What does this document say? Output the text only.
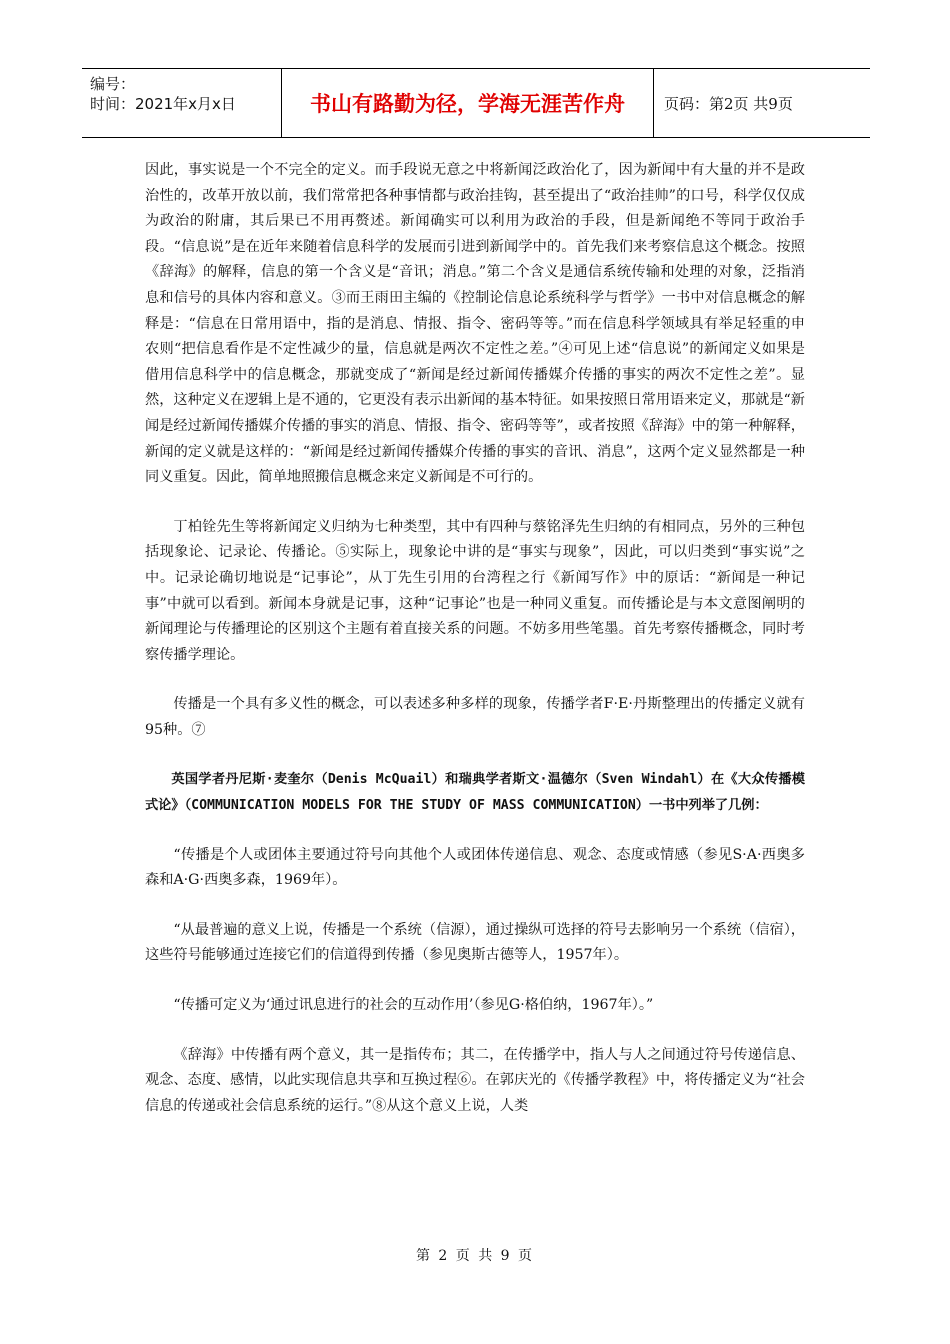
编号：
时间：2021年x月x日	书山有路勤为径，学海无涯苦作舟	页码：第2页 共9页

因此，事实说是一个不完全的定义。而手段说无意之中将新闻泛政治化了，因为新闻中有大量的并不是政治性的，改革开放以前，我们常常把各种事情都与政治挂钩，甚至提出了“政治挂帅”的口号，科学仅仅成为政治的附庸，其后果已不用再赘述。新闻确实可以利用为政治的手段，但是新闻绝不等同于政治手段。“信息说”是在近年来随着信息科学的发展而引进到新闻学中的。首先我们来考察信息这个概念。按照《辞海》的解释，信息的第一个含义是“音讯；消息。”第二个含义是通信系统传输和处理的对象，泛指消息和信号的具体内容和意义。③而王雨田主编的《控制论信息论系统科学与哲学》一书中对信息概念的解释是：“信息在日常用语中，指的是消息、情报、指令、密码等等。”而在信息科学领域具有举足轻重的申农则“把信息看作是不定性减少的量，信息就是两次不定性之差。”④可见上述“信息说”的新闻定义如果是借用信息科学中的信息概念，那就变成了“新闻是经过新闻传播媒介传播的事实的两次不定性之差”。显然，这种定义在逻辑上是不通的，它更没有表示出新闻的基本特征。如果按照日常用语来定义，那就是“新闻是经过新闻传播媒介传播的事实的消息、情报、指令、密码等等”，或者按照《辞海》中的第一种解释，新闻的定义就是这样的：“新闻是经过新闻传播媒介传播的事实的音讯、消息”，这两个定义显然都是一种同义重复。因此，简单地照搬信息概念来定义新闻是不可行的。

丁柏铨先生等将新闻定义归纳为七种类型，其中有四种与蔡铭泽先生归纳的有相同点，另外的三种包括现象论、记录论、传播论。⑤实际上，现象论中讲的是“事实与现象”，因此，可以归类到“事实说”之中。记录论确切地说是“记事论”，从丁先生引用的台湾程之行《新闻写作》中的原话：“新闻是一种记事”中就可以看到。新闻本身就是记事，这种“记事论”也是一种同义重复。而传播论是与本文意图阐明的新闻理论与传播理论的区别这个主题有着直接关系的问题。不妨多用些笔墨。首先考察传播概念，同时考察传播学理论。

传播是一个具有多义性的概念，可以表述多种多样的现象，传播学者F·E·丹斯整理出的传播定义就有95种。⑦

英国学者丹尼斯·麦奎尔（Denis McQuail）和瑞典学者斯文·温德尔（Sven Windahl）在《大众传播模式论》（COMMUNICATION MODELS FOR THE STUDY OF MASS COMMUNICATION）一书中列举了几例：

“传播是个人或团体主要通过符号向其他个人或团体传递信息、观念、态度或情感（参见S·A·西奥多森和A·G·西奥多森，1969年）。

“从最普遍的意义上说，传播是一个系统（信源），通过操纵可选择的符号去影响另一个系统（信宿），这些符号能够通过连接它们的信道得到传播（参见奥斯古德等人，1957年）。

“传播可定义为‘通过讯息进行的社会的互动作用’（参见G·格伯纳，1967年）。”

《辞海》中传播有两个意义，其一是指传布；其二，在传播学中，指人与人之间通过符号传递信息、观念、态度、感情，以此实现信息共享和互换过程⑥。在郭庆光的《传播学教程》中，将传播定义为“社会信息的传递或社会信息系统的运行。”⑧从这个意义上说，人类

第 2 页 共 9 页
